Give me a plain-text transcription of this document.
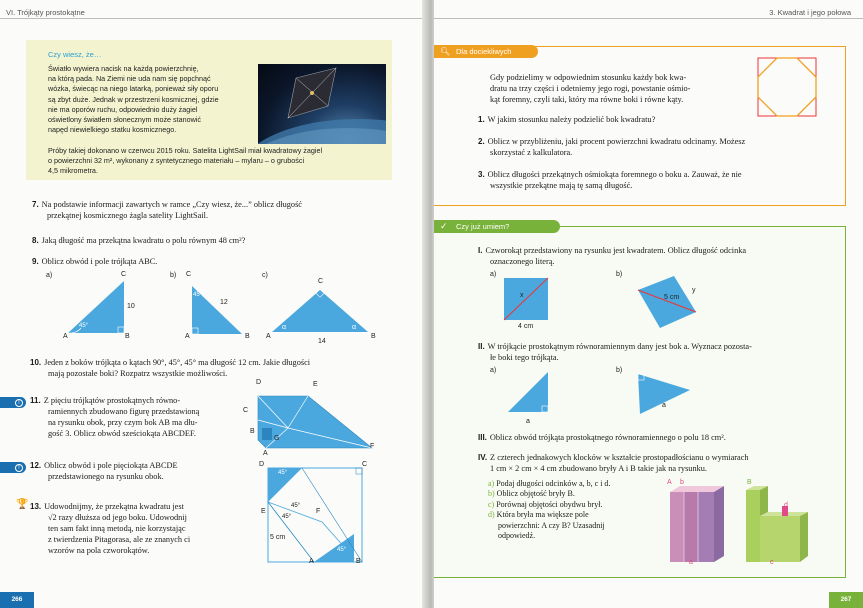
VI. Trójkąty prostokątne
Czy wiesz, że…
Światło wywiera nacisk na każdą powierzchnię,
na którą pada. Na Ziemi nie uda nam się popchnąć
wózka, świecąc na niego latarką, ponieważ siły oporu
są zbyt duże. Jednak w przestrzeni kosmicznej, gdzie
nie ma oporów ruchu, odpowiednio duży żagiel
oświetlony światłem słonecznym może stanowić
napęd niewielkiego statku kosmicznego.
Próby takiej dokonano w czerwcu 2015 roku. Satelita LightSail miał kwadratowy żagiel
o powierzchni 32 m², wykonany z syntetycznego materiału – mylaru – o grubości
4,5 mikrometra.
7. Na podstawie informacji zawartych w ramce „Czy wiesz, że...” oblicz długość
przekątnej kosmicznego żagla satelity LightSail.
8. Jaką długość ma przekątna kwadratu o polu równym 48 cm²?
9. Oblicz obwód i pole trójkąta ABC.
a)	b)	c)
A	B
C
10
45°
C
A	B
12
45°
A	B
C
14
α	α
10. Jeden z boków trójkąta o kątach 90°, 45°, 45° ma długość 12 cm. Jakie długości
mają pozostałe boki? Rozpatrz wszystkie możliwości.
!	11. Z pięciu trójkątów prostokątnych równo-
ramiennych zbudowano figurę przedstawioną
na rysunku obok, przy czym bok AB ma dłu-
gość 3. Oblicz obwód sześciokąta ABCDEF.
D	E
C
B
G
A
F
!	12. Oblicz obwód i pole pięciokąta ABCDE
przedstawionego na rysunku obok.
🏆 13. Udowodnijmy, że przekątna kwadratu jest
√2 razy dłuższa od jego boku. Udowodnij
ten sam fakt inną metodą, nie korzystając
z twierdzenia Pitagorasa, ale ze znanych ci
wzorów na pola czworokątów.
D	C
E	F
A	B
45°
45°
45°
45°
5 cm
266
3. Kwadrat i jego połowa
🔍︎ Dla dociekliwych
Gdy podzielimy w odpowiednim stosunku każdy bok kwa-
dratu na trzy części i odetniemy jego rogi, powstanie ośmio-
kąt foremny, czyli taki, który ma równe boki i równe kąty.
1. W jakim stosunku należy podzielić bok kwadratu?
2. Oblicz w przybliżeniu, jaki procent powierzchni kwadratu odcinamy. Możesz
skorzystać z kalkulatora.
3. Oblicz długości przekątnych ośmiokąta foremnego o boku a. Zauważ, że nie
wszystkie przekątne mają tę samą długość.
✓ Czy już umiem?
I. Czworokąt przedstawiony na rysunku jest kwadratem. Oblicz długość odcinka
oznaczonego literą.
a)	b)
x
4 cm
5 cm
y
II. W trójkącie prostokątnym równoramiennym dany jest bok a. Wyznacz pozosta-
łe boki tego trójkąta.
a)	b)
a
a
III. Oblicz obwód trójkąta prostokątnego równoramiennego o polu 18 cm².
IV. Z czterech jednakowych klocków w kształcie prostopadłościanu o wymiarach
1 cm × 2 cm × 4 cm zbudowano bryły A i B takie jak na rysunku.
a) Podaj długości odcinków a, b, c i d.
b) Oblicz objętość bryły B.
c) Porównaj objętości obydwu brył.
d) Która bryła ma większe pole
powierzchni: A czy B? Uzasadnij
odpowiedź.
A	B
b
a	c
d
267
